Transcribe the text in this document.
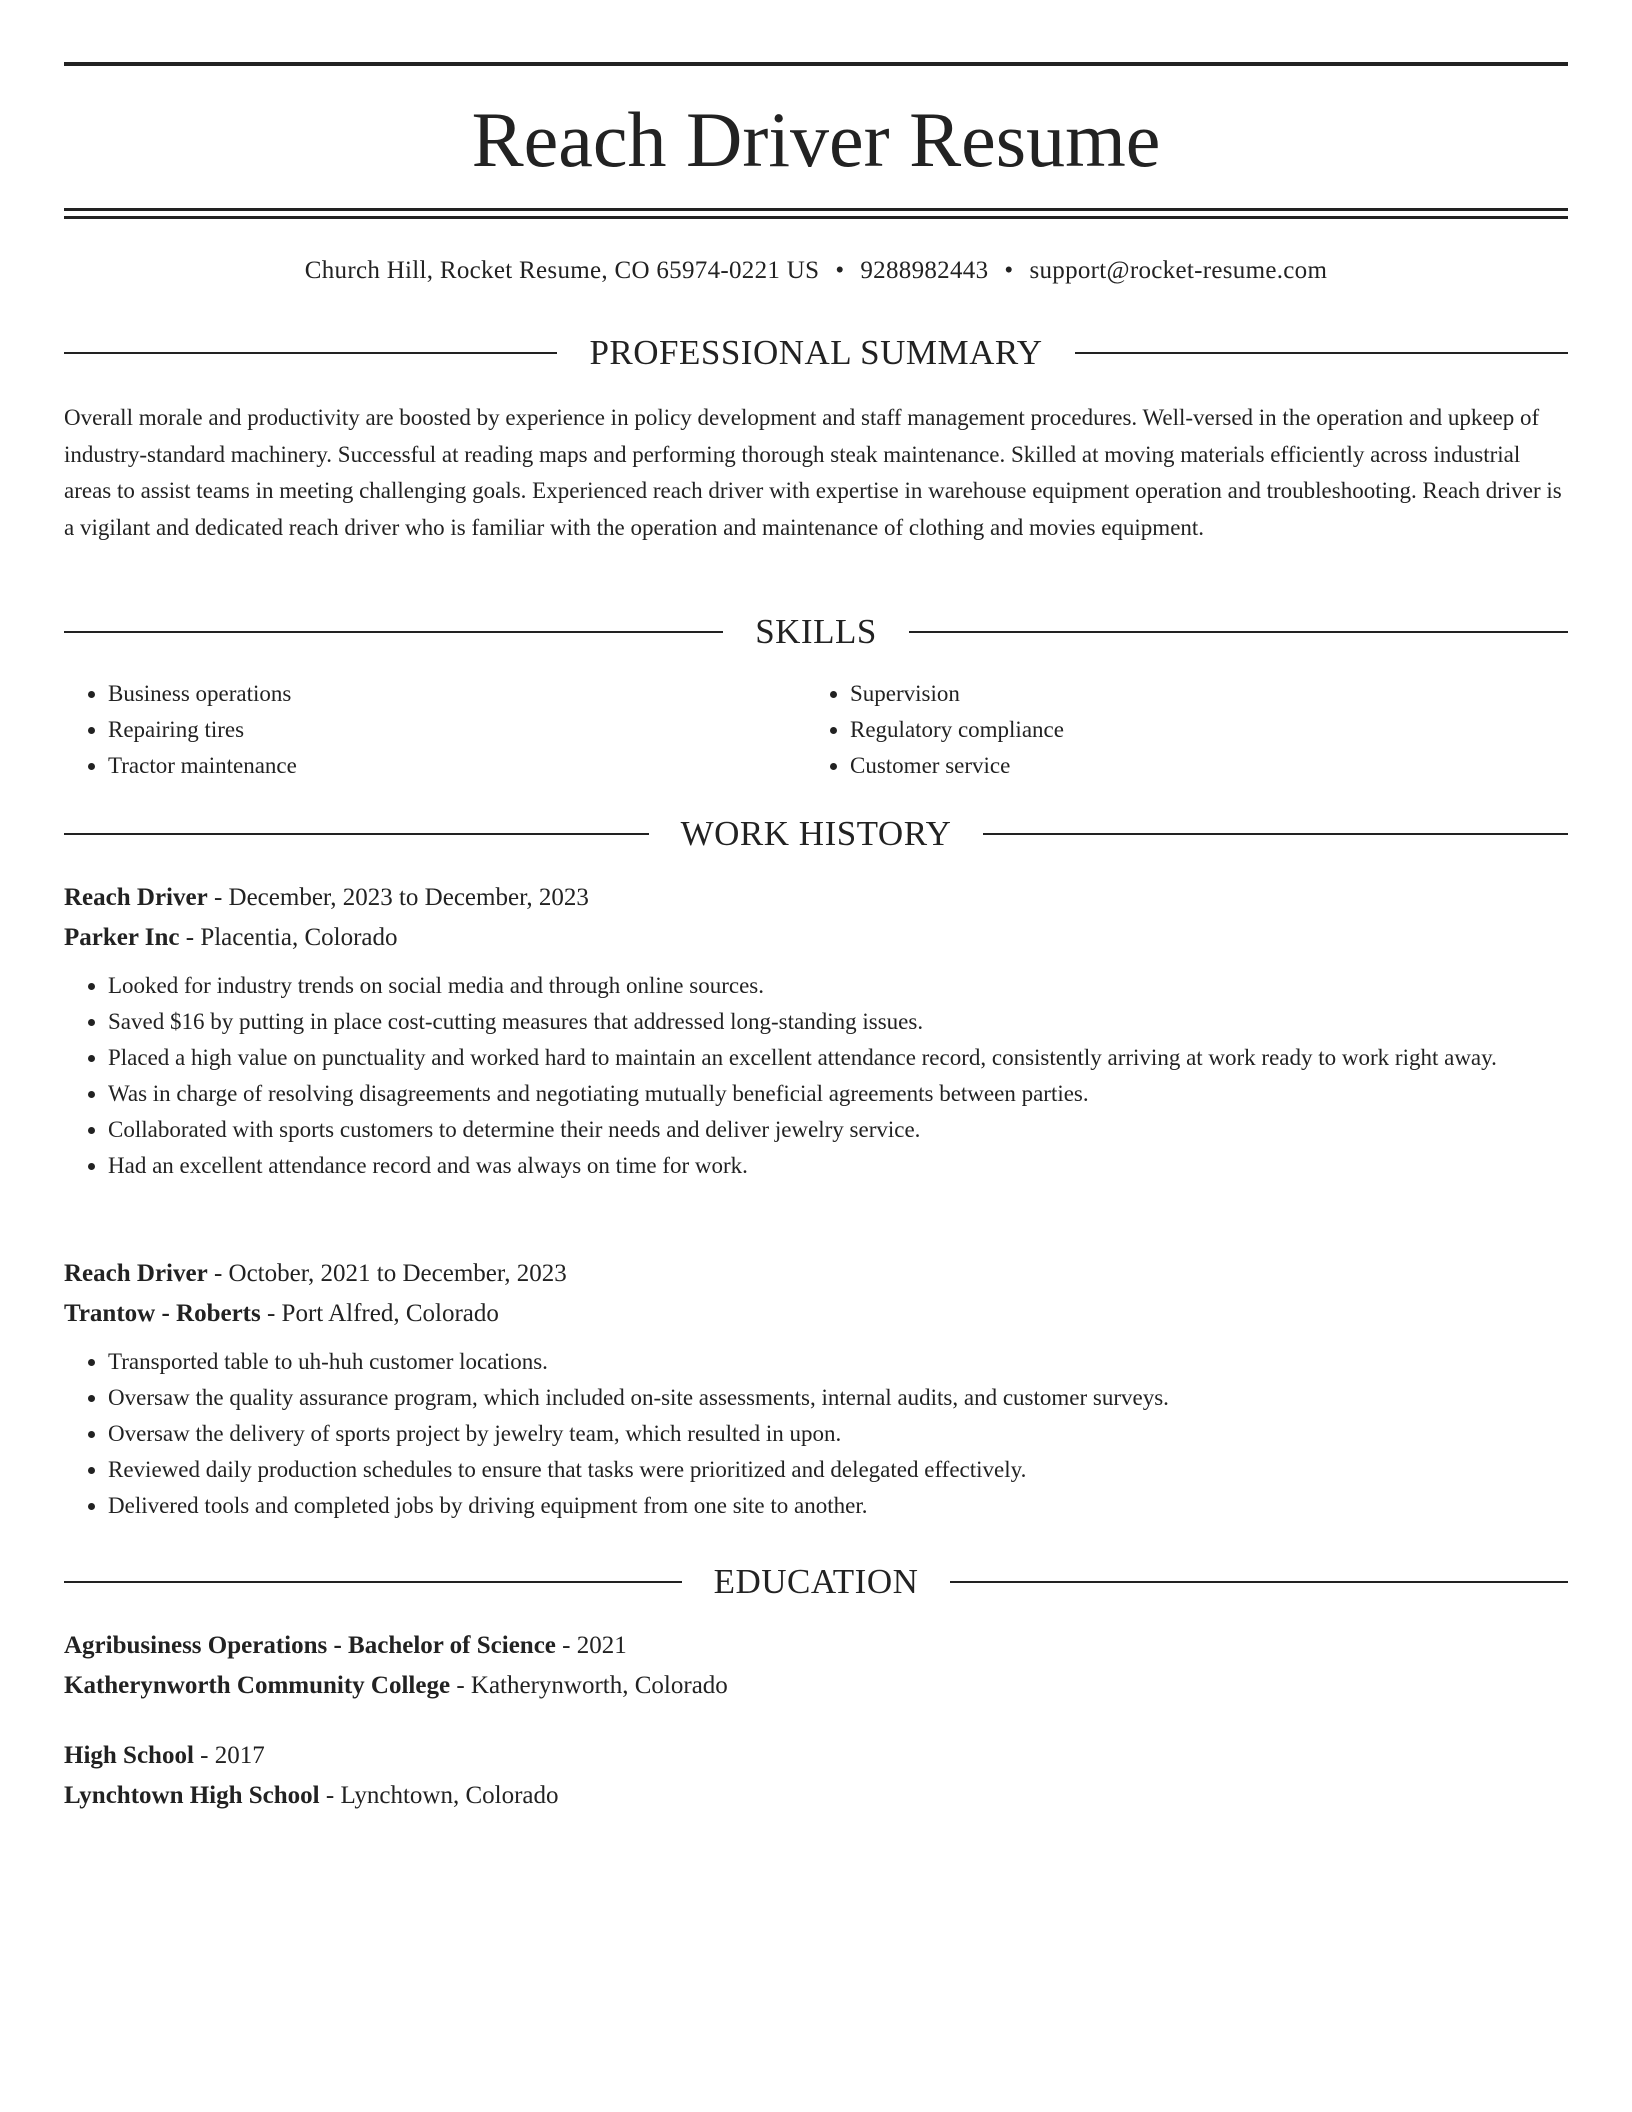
Reach Driver Resume
Church Hill, Rocket Resume, CO 65974-0221 US • 9288982443 • support@rocket-resume.com
PROFESSIONAL SUMMARY

Overall morale and productivity are boosted by experience in policy development and staff management procedures. Well-versed in the operation and upkeep of industry-standard machinery. Successful at reading maps and performing thorough steak maintenance. Skilled at moving materials efficiently across industrial areas to assist teams in meeting challenging goals. Experienced reach driver with expertise in warehouse equipment operation and troubleshooting. Reach driver is a vigilant and dedicated reach driver who is familiar with the operation and maintenance of clothing and movies equipment.

SKILLS
• Business operations
• Repairing tires
• Tractor maintenance
• Supervision
• Regulatory compliance
• Customer service
WORK HISTORY
Reach Driver - December, 2023 to December, 2023
Parker Inc - Placentia, Colorado
• Looked for industry trends on social media and through online sources.
• Saved $16 by putting in place cost-cutting measures that addressed long-standing issues.
• Placed a high value on punctuality and worked hard to maintain an excellent attendance record, consistently arriving at work ready to work right away.
• Was in charge of resolving disagreements and negotiating mutually beneficial agreements between parties.
• Collaborated with sports customers to determine their needs and deliver jewelry service.
• Had an excellent attendance record and was always on time for work.
Reach Driver - October, 2021 to December, 2023
Trantow - Roberts - Port Alfred, Colorado
• Transported table to uh-huh customer locations.
• Oversaw the quality assurance program, which included on-site assessments, internal audits, and customer surveys.
• Oversaw the delivery of sports project by jewelry team, which resulted in upon.
• Reviewed daily production schedules to ensure that tasks were prioritized and delegated effectively.
• Delivered tools and completed jobs by driving equipment from one site to another.
EDUCATION
Agribusiness Operations - Bachelor of Science - 2021
Katherynworth Community College - Katherynworth, Colorado
High School - 2017
Lynchtown High School - Lynchtown, Colorado
